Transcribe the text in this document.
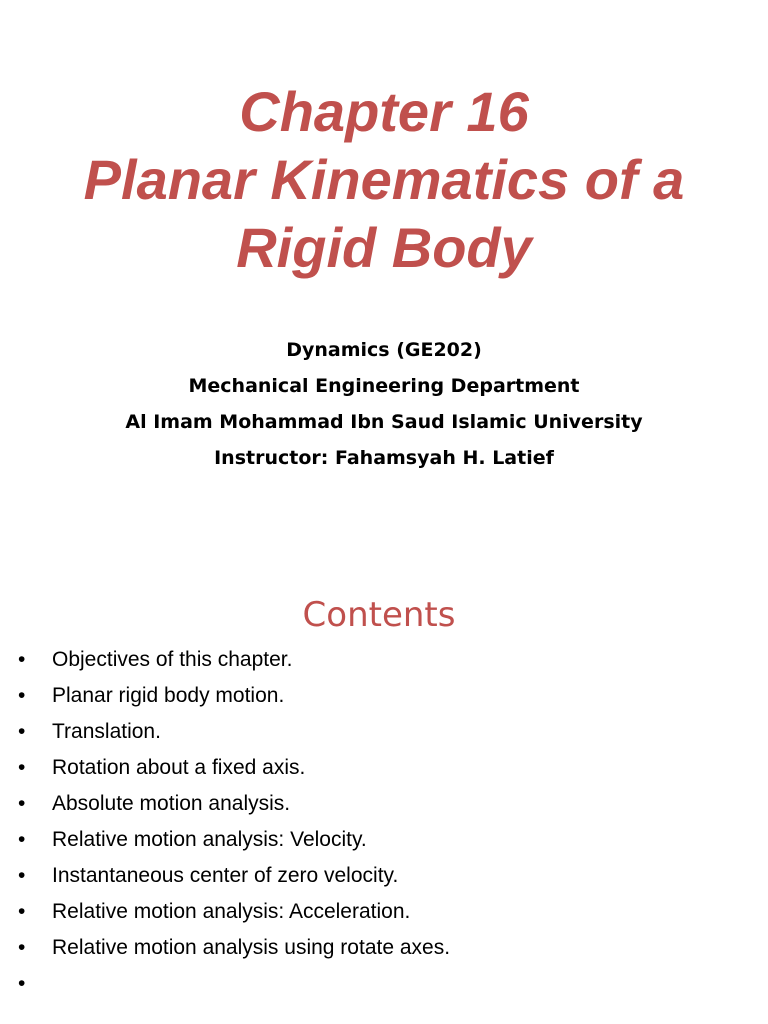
Chapter 16
Planar Kinematics of a
Rigid Body
Dynamics (GE202)
Mechanical Engineering Department
Al Imam Mohammad Ibn Saud Islamic University
Instructor: Fahamsyah H. Latief
Contents
•	Objectives of this chapter.
•	Planar rigid body motion.
•	Translation.
•	Rotation about a fixed axis.
•	Absolute motion analysis.
•	Relative motion analysis: Velocity.
•	Instantaneous center of zero velocity.
•	Relative motion analysis: Acceleration.
•	Relative motion analysis using rotate axes.
•
